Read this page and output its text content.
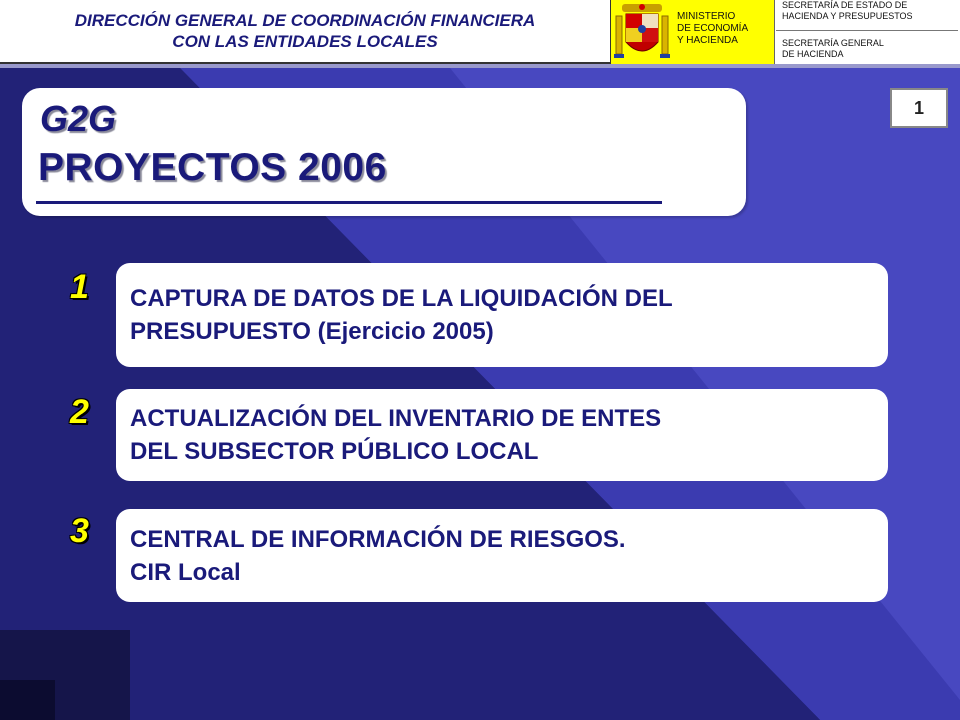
DIRECCIÓN GENERAL DE COORDINACIÓN FINANCIERA
CON LAS ENTIDADES LOCALES
MINISTERIO
DE ECONOMÍA
Y HACIENDA
SECRETARÍA DE ESTADO DE
HACIENDA Y PRESUPUESTOS
SECRETARÍA GENERAL
DE HACIENDA
G2G
PROYECTOS 2006
1
1 CAPTURA DE DATOS DE LA LIQUIDACIÓN DEL
PRESUPUESTO (Ejercicio 2005)
2 ACTUALIZACIÓN DEL INVENTARIO DE ENTES
DEL SUBSECTOR PÚBLICO LOCAL
3 CENTRAL DE INFORMACIÓN DE RIESGOS.
CIR Local
